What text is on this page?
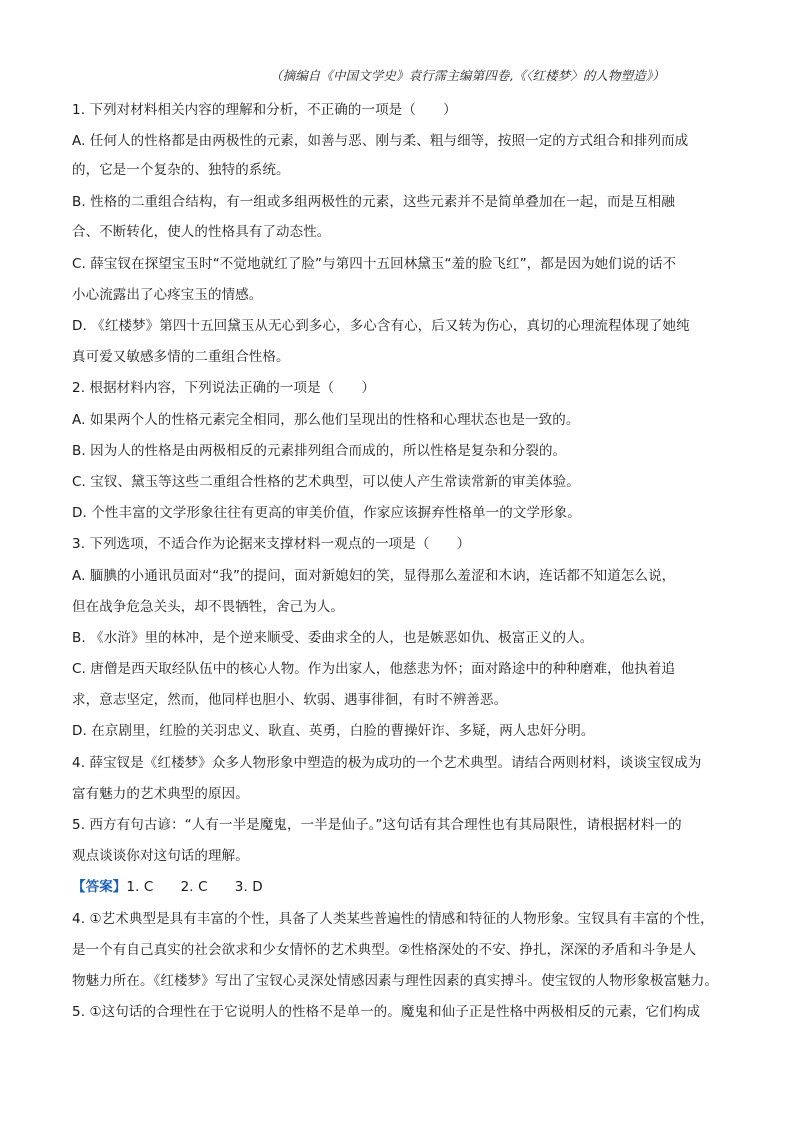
（摘编自《中国文学史》袁行霈主编第四卷,《〈红楼梦〉的人物塑造》）
1. 下列对材料相关内容的理解和分析，不正确的一项是（　　）
A. 任何人的性格都是由两极性的元素，如善与恶、刚与柔、粗与细等，按照一定的方式组合和排列而成
的，它是一个复杂的、独特的系统。
B. 性格的二重组合结构，有一组或多组两极性的元素，这些元素并不是简单叠加在一起，而是互相融
合、不断转化，使人的性格具有了动态性。
C. 薛宝钗在探望宝玉时“不觉地就红了脸”与第四十五回林黛玉“羞的脸飞红”，都是因为她们说的话不
小心流露出了心疼宝玉的情感。
D. 《红楼梦》第四十五回黛玉从无心到多心，多心含有心，后又转为伤心，真切的心理流程体现了她纯
真可爱又敏感多情的二重组合性格。
2. 根据材料内容，下列说法正确的一项是（　　）
A. 如果两个人的性格元素完全相同，那么他们呈现出的性格和心理状态也是一致的。
B. 因为人的性格是由两极相反的元素排列组合而成的，所以性格是复杂和分裂的。
C. 宝钗、黛玉等这些二重组合性格的艺术典型，可以使人产生常读常新的审美体验。
D. 个性丰富的文学形象往往有更高的审美价值，作家应该摒弃性格单一的文学形象。
3. 下列选项，不适合作为论据来支撑材料一观点的一项是（　　）
A. 腼腆的小通讯员面对“我”的提问，面对新媳妇的笑，显得那么羞涩和木讷，连话都不知道怎么说，
但在战争危急关头，却不畏牺牲，舍己为人。
B. 《水浒》里的林冲，是个逆来顺受、委曲求全的人，也是嫉恶如仇、极富正义的人。
C. 唐僧是西天取经队伍中的核心人物。作为出家人，他慈悲为怀；面对路途中的种种磨难，他执着追
求，意志坚定，然而，他同样也胆小、软弱、遇事徘徊，有时不辨善恶。
D. 在京剧里，红脸的关羽忠义、耿直、英勇，白脸的曹操奸诈、多疑，两人忠奸分明。
4. 薛宝钗是《红楼梦》众多人物形象中塑造的极为成功的一个艺术典型。请结合两则材料，谈谈宝钗成为
富有魅力的艺术典型的原因。
5. 西方有句古谚：“人有一半是魔鬼，一半是仙子。”这句话有其合理性也有其局限性，请根据材料一的
观点谈谈你对这句话的理解。
【答案】1. C　　2. C　　3. D
4. ①艺术典型是具有丰富的个性，具备了人类某些普遍性的情感和特征的人物形象。宝钗具有丰富的个性，
是一个有自己真实的社会欲求和少女情怀的艺术典型。②性格深处的不安、挣扎，深深的矛盾和斗争是人
物魅力所在。《红楼梦》写出了宝钗心灵深处情感因素与理性因素的真实搏斗。使宝钗的人物形象极富魅力。
5. ①这句话的合理性在于它说明人的性格不是单一的。魔鬼和仙子正是性格中两极相反的元素，它们构成
